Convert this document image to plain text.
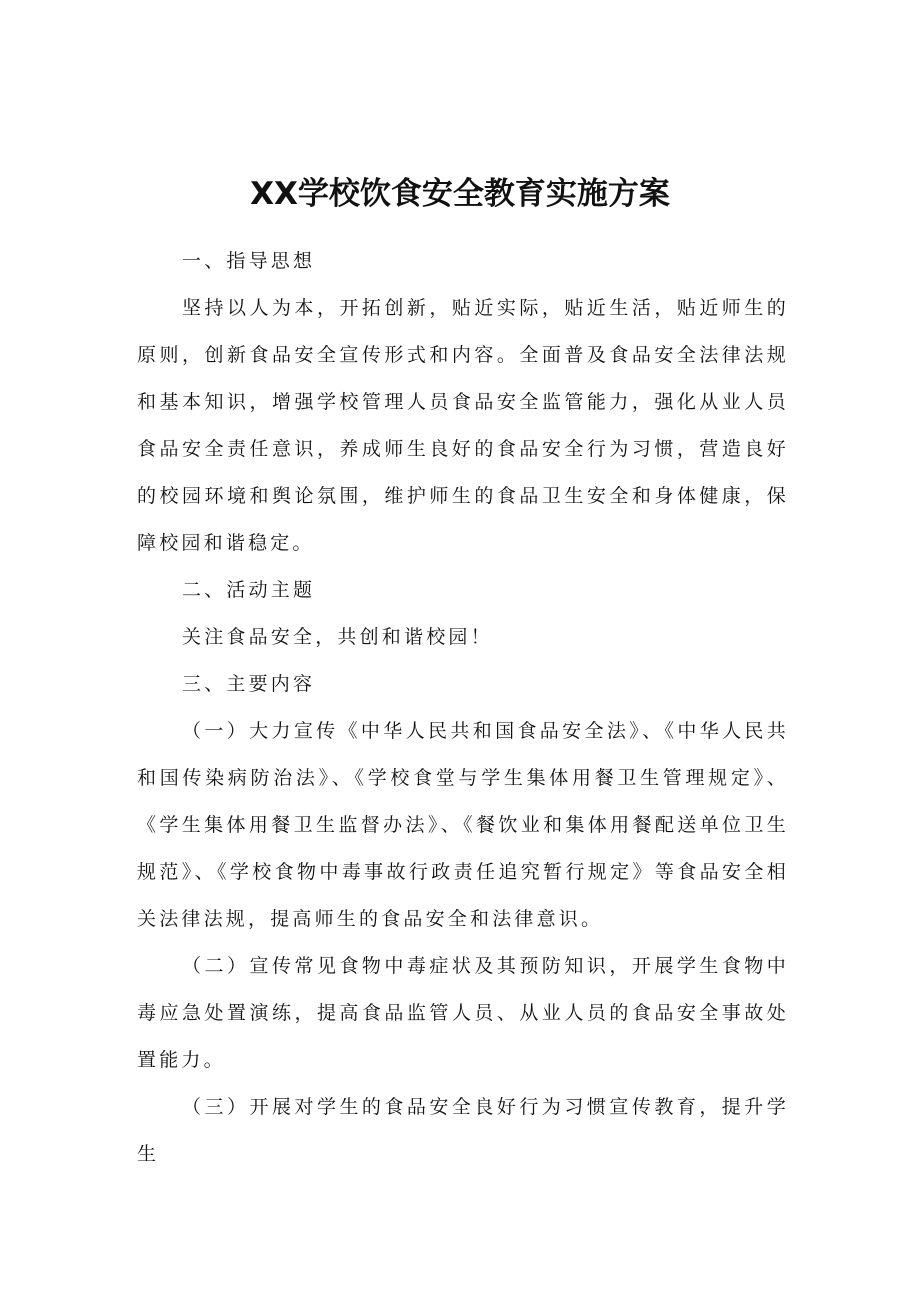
XX学校饮食安全教育实施方案

一、指导思想

坚持以人为本，开拓创新，贴近实际，贴近生活，贴近师生的原则，创新食品安全宣传形式和内容。全面普及食品安全法律法规和基本知识，增强学校管理人员食品安全监管能力，强化从业人员食品安全责任意识，养成师生良好的食品安全行为习惯，营造良好的校园环境和舆论氛围，维护师生的食品卫生安全和身体健康，保障校园和谐稳定。

二、活动主题

关注食品安全，共创和谐校园！

三、主要内容

（一）大力宣传《中华人民共和国食品安全法》、《中华人民共和国传染病防治法》、《学校食堂与学生集体用餐卫生管理规定》、《学生集体用餐卫生监督办法》、《餐饮业和集体用餐配送单位卫生规范》、《学校食物中毒事故行政责任追究暂行规定》等食品安全相关法律法规，提高师生的食品安全和法律意识。

（二）宣传常见食物中毒症状及其预防知识，开展学生食物中毒应急处置演练，提高食品监管人员、从业人员的食品安全事故处置能力。

（三）开展对学生的食品安全良好行为习惯宣传教育，提升学生
